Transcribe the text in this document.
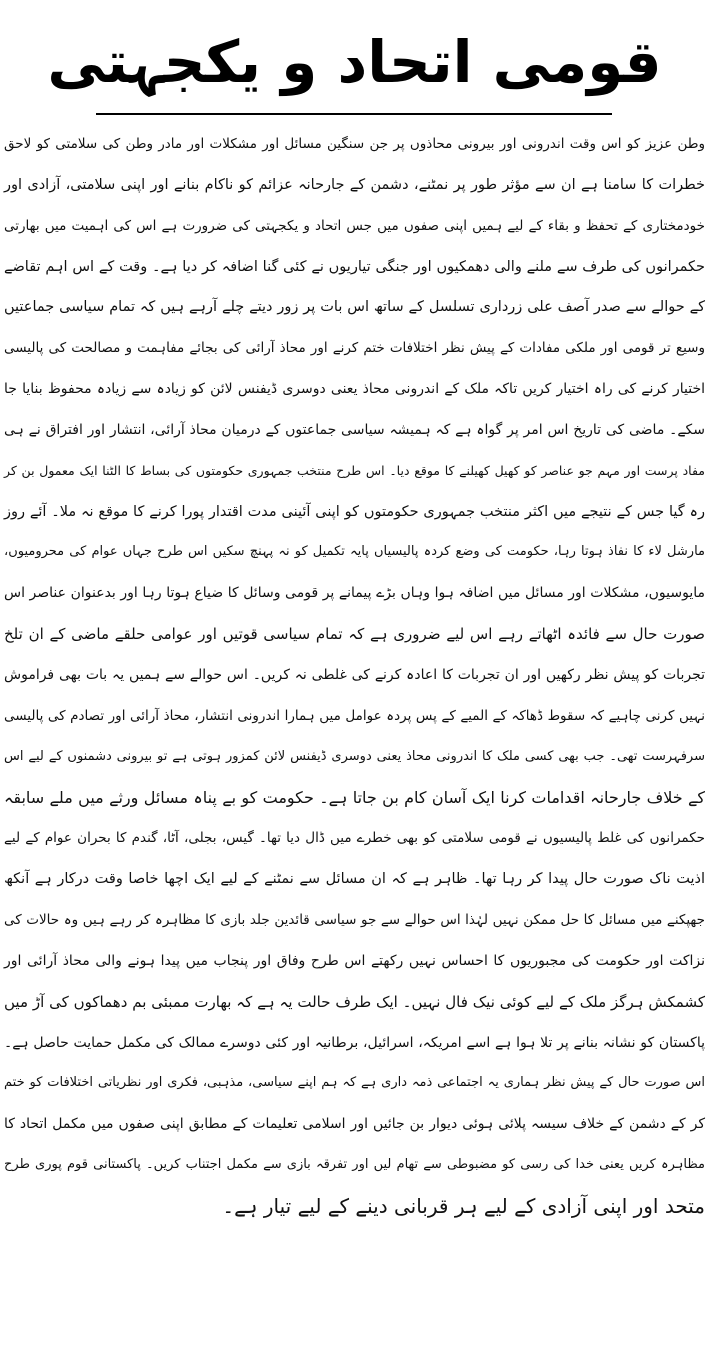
قومی اتحاد و یکجہتی
وطن عزیز کو اس وقت اندرونی اور بیرونی محاذوں پر جن سنگین مسائل اور مشکلات اور مادر وطن کی سلامتی کو لاحق
خطرات کا سامنا ہے ان سے مؤثر طور پر نمٹنے، دشمن کے جارحانہ عزائم کو ناکام بنانے اور اپنی سلامتی، آزادی اور
خودمختاری کے تحفظ و بقاء کے لیے ہمیں اپنی صفوں میں جس اتحاد و یکجہتی کی ضرورت ہے اس کی اہمیت میں بھارتی
حکمرانوں کی طرف سے ملنے والی دھمکیوں اور جنگی تیاریوں نے کئی گنا اضافہ کر دیا ہے۔ وقت کے اس اہم تقاضے
کے حوالے سے صدر آصف علی زرداری تسلسل کے ساتھ اس بات پر زور دیتے چلے آرہے ہیں کہ تمام سیاسی جماعتیں
وسیع تر قومی اور ملکی مفادات کے پیش نظر اختلافات ختم کرنے اور محاذ آرائی کی بجائے مفاہمت و مصالحت کی پالیسی
اختیار کرنے کی راہ اختیار کریں تاکہ ملک کے اندرونی محاذ یعنی دوسری ڈیفنس لائن کو زیادہ سے زیادہ محفوظ بنایا جا
سکے۔ ماضی کی تاریخ اس امر پر گواہ ہے کہ ہمیشہ سیاسی جماعتوں کے درمیان محاذ آرائی، انتشار اور افتراق نے ہی
مفاد پرست اور مہم جو عناصر کو کھیل کھیلنے کا موقع دیا۔ اس طرح منتخب جمہوری حکومتوں کی بساط کا الٹنا ایک معمول بن کر
رہ گیا جس کے نتیجے میں اکثر منتخب جمہوری حکومتوں کو اپنی آئینی مدت اقتدار پورا کرنے کا موقع نہ ملا۔ آئے روز
مارشل لاء کا نفاذ ہوتا رہا، حکومت کی وضع کردہ پالیسیاں پایہ تکمیل کو نہ پہنچ سکیں اس طرح جہاں عوام کی محرومیوں،
مایوسیوں، مشکلات اور مسائل میں اضافہ ہوا وہاں بڑے پیمانے پر قومی وسائل کا ضیاع ہوتا رہا اور بدعنوان عناصر اس
صورت حال سے فائدہ اٹھاتے رہے اس لیے ضروری ہے کہ تمام سیاسی قوتیں اور عوامی حلقے ماضی کے ان تلخ
تجربات کو پیش نظر رکھیں اور ان تجربات کا اعادہ کرنے کی غلطی نہ کریں۔ اس حوالے سے ہمیں یہ بات بھی فراموش
نہیں کرنی چاہیے کہ سقوط ڈھاکہ کے المیے کے پس پردہ عوامل میں ہمارا اندرونی انتشار، محاذ آرائی اور تصادم کی پالیسی
سرفہرست تھی۔ جب بھی کسی ملک کا اندرونی محاذ یعنی دوسری ڈیفنس لائن کمزور ہوتی ہے تو بیرونی دشمنوں کے لیے اس
کے خلاف جارحانہ اقدامات کرنا ایک آسان کام بن جاتا ہے۔ حکومت کو بے پناہ مسائل ورثے میں ملے سابقہ
حکمرانوں کی غلط پالیسیوں نے قومی سلامتی کو بھی خطرے میں ڈال دیا تھا۔ گیس، بجلی، آٹا، گندم کا بحران عوام کے لیے
اذیت ناک صورت حال پیدا کر رہا تھا۔ ظاہر ہے کہ ان مسائل سے نمٹنے کے لیے ایک اچھا خاصا وقت درکار ہے آنکھ
جھپکنے میں مسائل کا حل ممکن نہیں لہٰذا اس حوالے سے جو سیاسی قائدین جلد بازی کا مظاہرہ کر رہے ہیں وہ حالات کی
نزاکت اور حکومت کی مجبوریوں کا احساس نہیں رکھتے اس طرح وفاق اور پنجاب میں پیدا ہونے والی محاذ آرائی اور
کشمکش ہرگز ملک کے لیے کوئی نیک فال نہیں۔ ایک طرف حالت یہ ہے کہ بھارت ممبئی بم دھماکوں کی آڑ میں
پاکستان کو نشانہ بنانے پر تلا ہوا ہے اسے امریکہ، اسرائیل، برطانیہ اور کئی دوسرے ممالک کی مکمل حمایت حاصل ہے۔
اس صورت حال کے پیش نظر ہماری یہ اجتماعی ذمہ داری ہے کہ ہم اپنے سیاسی، مذہبی، فکری اور نظریاتی اختلافات کو ختم
کر کے دشمن کے خلاف سیسہ پلائی ہوئی دیوار بن جائیں اور اسلامی تعلیمات کے مطابق اپنی صفوں میں مکمل اتحاد کا
مظاہرہ کریں یعنی خدا کی رسی کو مضبوطی سے تھام لیں اور تفرقہ بازی سے مکمل اجتناب کریں۔ پاکستانی قوم پوری طرح
متحد اور اپنی آزادی کے لیے ہر قربانی دینے کے لیے تیار ہے۔
